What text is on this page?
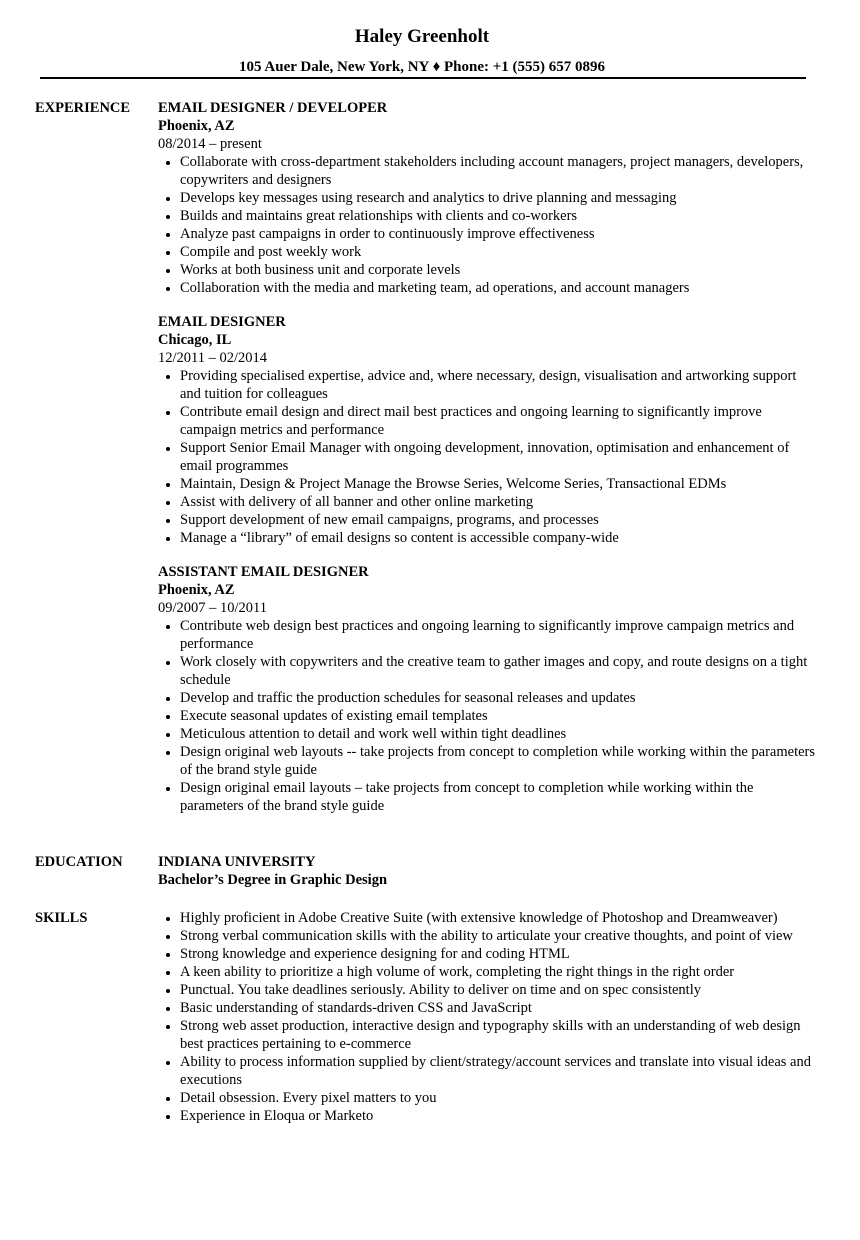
Haley Greenholt
105 Auer Dale, New York, NY ♦ Phone: +1 (555) 657 0896
EXPERIENCE EMAIL DESIGNER / DEVELOPER
Phoenix, AZ
08/2014 – present
• Collaborate with cross-department stakeholders including account managers, project managers, developers, copywriters and designers
• Develops key messages using research and analytics to drive planning and messaging
• Builds and maintains great relationships with clients and co-workers
• Analyze past campaigns in order to continuously improve effectiveness
• Compile and post weekly work
• Works at both business unit and corporate levels
• Collaboration with the media and marketing team, ad operations, and account managers
EMAIL DESIGNER
Chicago, IL
12/2011 – 02/2014
• Providing specialised expertise, advice and, where necessary, design, visualisation and artworking support and tuition for colleagues
• Contribute email design and direct mail best practices and ongoing learning to significantly improve campaign metrics and performance
• Support Senior Email Manager with ongoing development, innovation, optimisation and enhancement of email programmes
• Maintain, Design & Project Manage the Browse Series, Welcome Series, Transactional EDMs
• Assist with delivery of all banner and other online marketing
• Support development of new email campaigns, programs, and processes
• Manage a “library” of email designs so content is accessible company-wide
ASSISTANT EMAIL DESIGNER
Phoenix, AZ
09/2007 – 10/2011
• Contribute web design best practices and ongoing learning to significantly improve campaign metrics and performance
• Work closely with copywriters and the creative team to gather images and copy, and route designs on a tight schedule
• Develop and traffic the production schedules for seasonal releases and updates
• Execute seasonal updates of existing email templates
• Meticulous attention to detail and work well within tight deadlines
• Design original web layouts -- take projects from concept to completion while working within the parameters of the brand style guide
• Design original email layouts – take projects from concept to completion while working within the parameters of the brand style guide
EDUCATION INDIANA UNIVERSITY
Bachelor’s Degree in Graphic Design
SKILLS
•	Highly proficient in Adobe Creative Suite (with extensive knowledge of Photoshop and Dreamweaver)
• Strong verbal communication skills with the ability to articulate your creative thoughts, and point of view
• Strong knowledge and experience designing for and coding HTML
• A keen ability to prioritize a high volume of work, completing the right things in the right order
• Punctual. You take deadlines seriously. Ability to deliver on time and on spec consistently
• Basic understanding of standards-driven CSS and JavaScript
• Strong web asset production, interactive design and typography skills with an understanding of web design best practices pertaining to e-commerce
• Ability to process information supplied by client/strategy/account services and translate into visual ideas and executions
• Detail obsession. Every pixel matters to you
• Experience in Eloqua or Marketo
